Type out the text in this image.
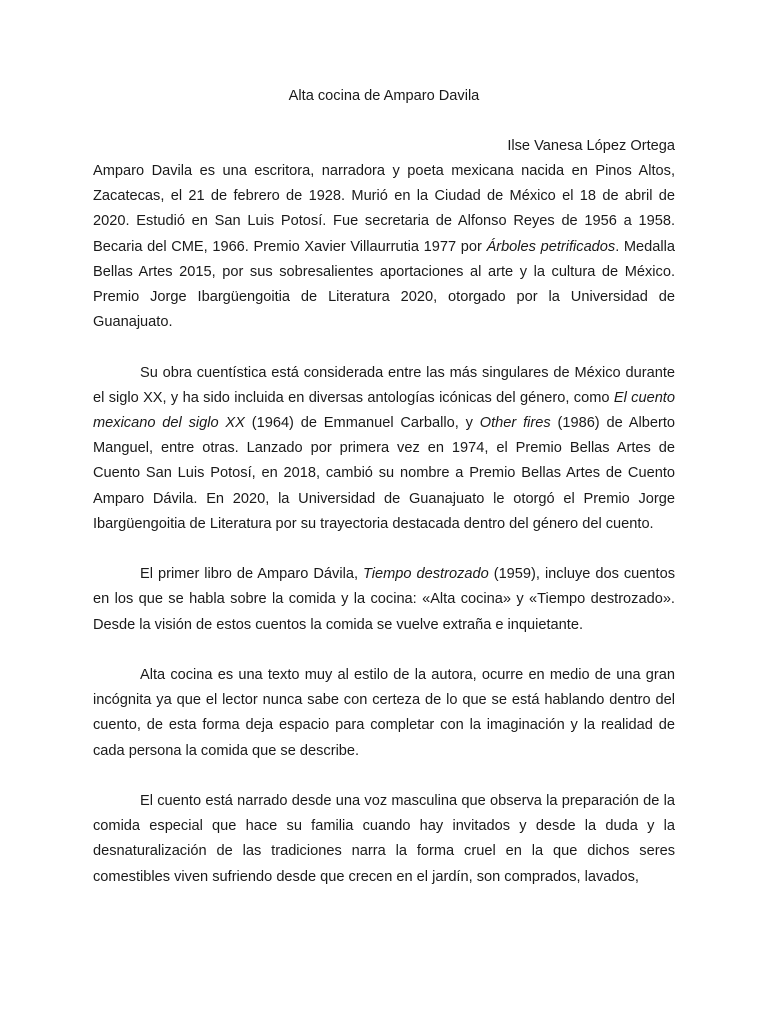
Alta cocina de Amparo Davila

Ilse Vanesa López Ortega

Amparo Davila es una escritora, narradora y poeta mexicana nacida en Pinos Altos, Zacatecas, el 21 de febrero de 1928. Murió en la Ciudad de México el 18 de abril de 2020. Estudió en San Luis Potosí. Fue secretaria de Alfonso Reyes de 1956 a 1958. Becaria del CME, 1966. Premio Xavier Villaurrutia 1977 por Árboles petrificados. Medalla Bellas Artes 2015, por sus sobresalientes aportaciones al arte y la cultura de México. Premio Jorge Ibargüengoitia de Literatura 2020, otorgado por la Universidad de Guanajuato.

Su obra cuentística está considerada entre las más singulares de México durante el siglo XX, y ha sido incluida en diversas antologías icónicas del género, como El cuento mexicano del siglo XX (1964) de Emmanuel Carballo, y Other fires (1986) de Alberto Manguel, entre otras. Lanzado por primera vez en 1974, el Premio Bellas Artes de Cuento San Luis Potosí, en 2018, cambió su nombre a Premio Bellas Artes de Cuento Amparo Dávila. En 2020, la Universidad de Guanajuato le otorgó el Premio Jorge Ibargüengoitia de Literatura por su trayectoria destacada dentro del género del cuento.

El primer libro de Amparo Dávila, Tiempo destrozado (1959), incluye dos cuentos en los que se habla sobre la comida y la cocina: «Alta cocina» y «Tiempo destrozado». Desde la visión de estos cuentos la comida se vuelve extraña e inquietante.

Alta cocina es una texto muy al estilo de la autora, ocurre en medio de una gran incógnita ya que el lector nunca sabe con certeza de lo que se está hablando dentro del cuento, de esta forma deja espacio para completar con la imaginación y la realidad de cada persona la comida que se describe.

El cuento está narrado desde una voz masculina que observa la preparación de la comida especial que hace su familia cuando hay invitados y desde la duda y la desnaturalización de las tradiciones narra la forma cruel en la que dichos seres comestibles viven sufriendo desde que crecen en el jardín, son comprados, lavados,
